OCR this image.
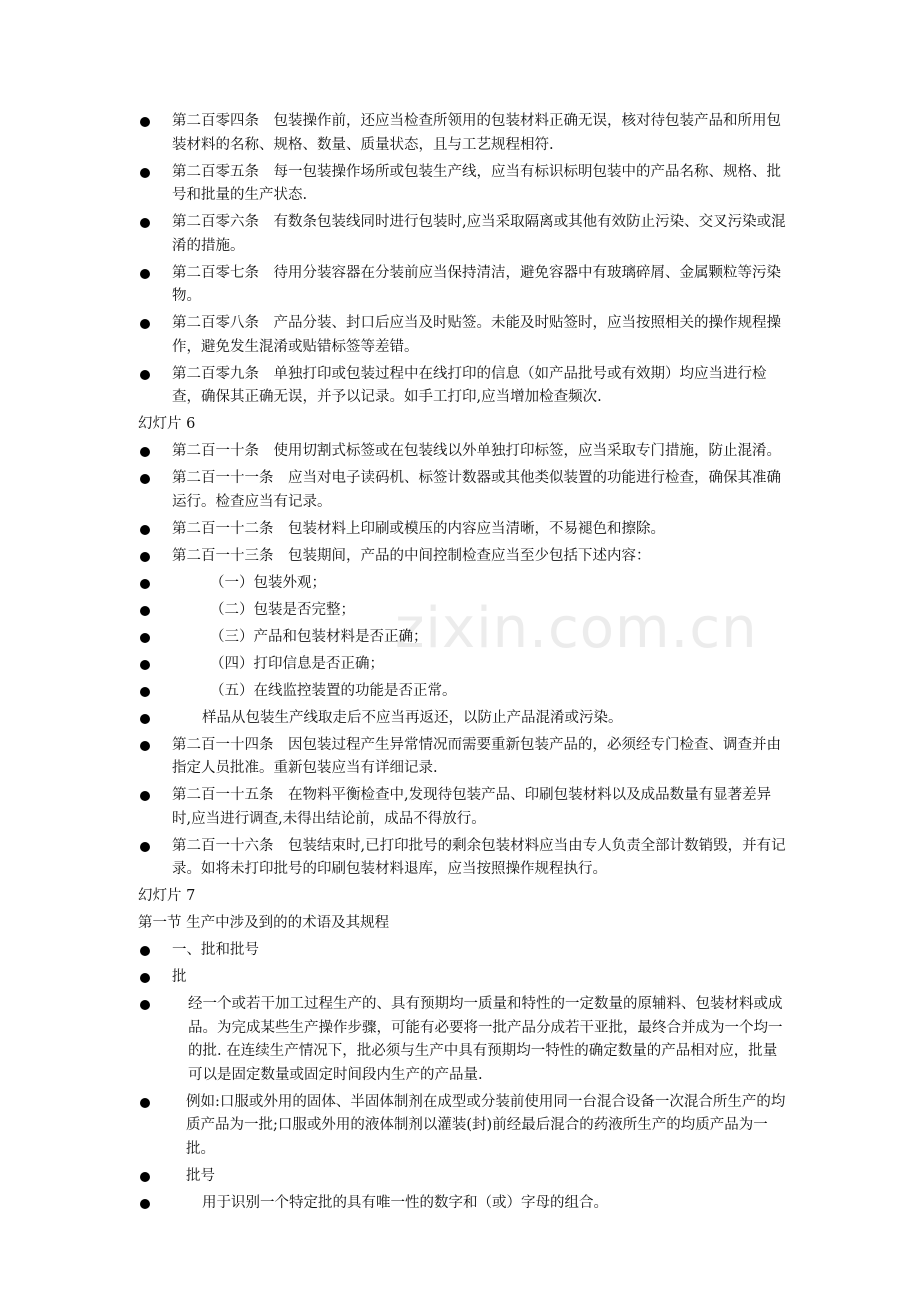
zixin.com.cn
第二百零四条　包装操作前，还应当检查所领用的包装材料正确无误，核对待包装产品和所用包装材料的名称、规格、数量、质量状态，且与工艺规程相符.
第二百零五条　每一包装操作场所或包装生产线，应当有标识标明包装中的产品名称、规格、批号和批量的生产状态.
第二百零六条　有数条包装线同时进行包装时,应当采取隔离或其他有效防止污染、交叉污染或混淆的措施。
第二百零七条　待用分装容器在分装前应当保持清洁，避免容器中有玻璃碎屑、金属颗粒等污染物。
第二百零八条　产品分装、封口后应当及时贴签。未能及时贴签时，应当按照相关的操作规程操作，避免发生混淆或贴错标签等差错。
第二百零九条　单独打印或包装过程中在线打印的信息（如产品批号或有效期）均应当进行检查，确保其正确无误，并予以记录。如手工打印,应当增加检查频次.
幻灯片 6
第二百一十条　使用切割式标签或在包装线以外单独打印标签，应当采取专门措施，防止混淆。
第二百一十一条　应当对电子读码机、标签计数器或其他类似装置的功能进行检查，确保其准确运行。检查应当有记录。
第二百一十二条　包装材料上印刷或模压的内容应当清晰，不易褪色和擦除。
第二百一十三条　包装期间，产品的中间控制检查应当至少包括下述内容：
（一）包装外观；
（二）包装是否完整；
（三）产品和包装材料是否正确；
（四）打印信息是否正确；
（五）在线监控装置的功能是否正常。
样品从包装生产线取走后不应当再返还，以防止产品混淆或污染。
第二百一十四条　因包装过程产生异常情况而需要重新包装产品的，必须经专门检查、调查并由指定人员批准。重新包装应当有详细记录.
第二百一十五条　在物料平衡检查中,发现待包装产品、印刷包装材料以及成品数量有显著差异时,应当进行调查,未得出结论前，成品不得放行。
第二百一十六条　包装结束时,已打印批号的剩余包装材料应当由专人负责全部计数销毁，并有记录。如将未打印批号的印刷包装材料退库，应当按照操作规程执行。
幻灯片 7
第一节 生产中涉及到的的术语及其规程
一、批和批号
批
经一个或若干加工过程生产的、具有预期均一质量和特性的一定数量的原辅料、包装材料或成品。为完成某些生产操作步骤，可能有必要将一批产品分成若干亚批，最终合并成为一个均一的批. 在连续生产情况下，批必须与生产中具有预期均一特性的确定数量的产品相对应，批量可以是固定数量或固定时间段内生产的产品量.
例如:口服或外用的固体、半固体制剂在成型或分装前使用同一台混合设备一次混合所生产的均质产品为一批;口服或外用的液体制剂以灌装(封)前经最后混合的药液所生产的均质产品为一批。
批号
用于识别一个特定批的具有唯一性的数字和（或）字母的组合。
